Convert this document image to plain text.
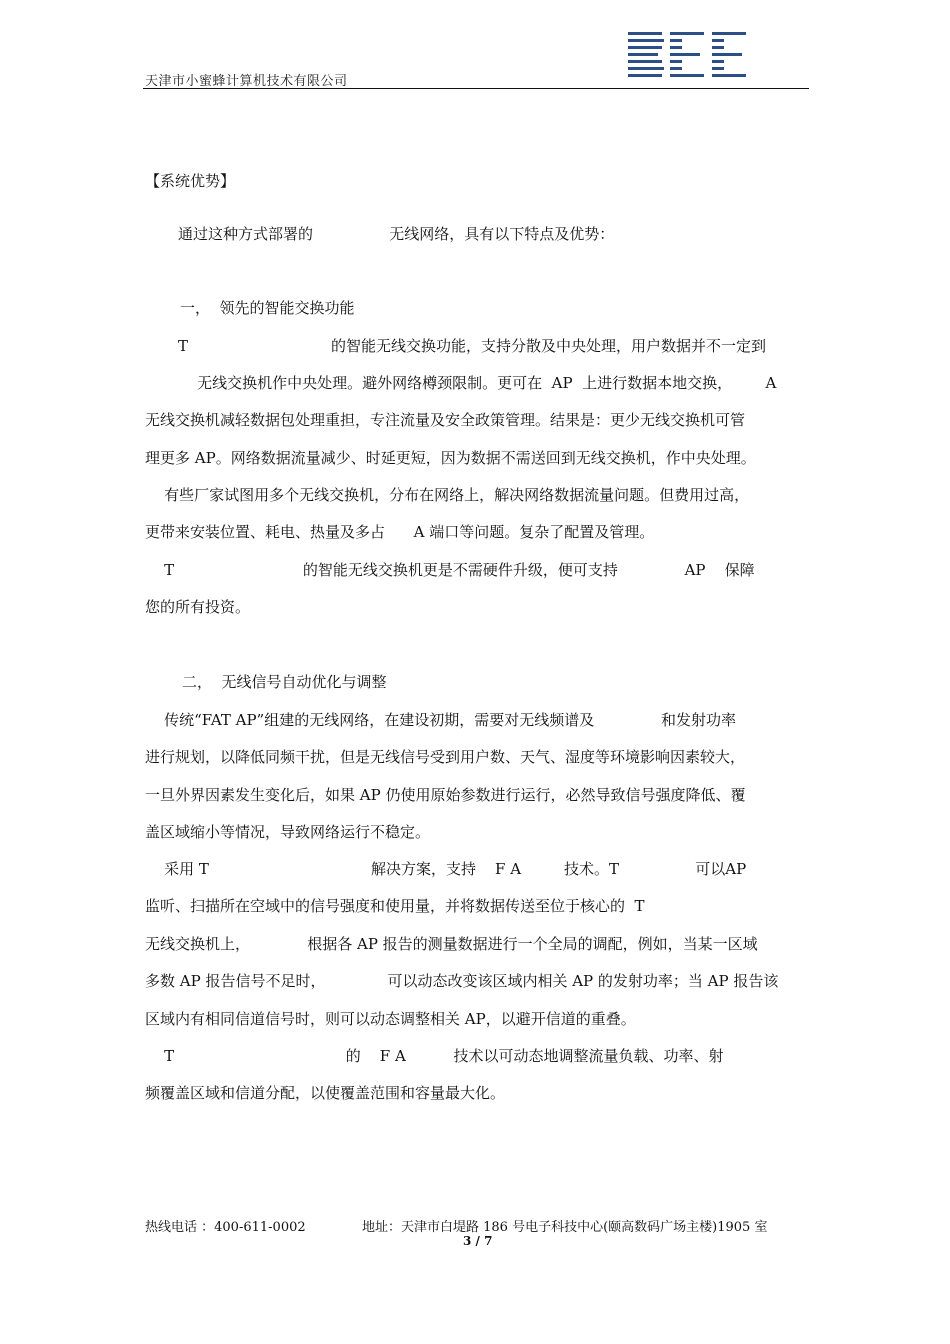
天津市小蜜蜂计算机技术有限公司
【系统优势】
通过这种方式部署的                无线网络，具有以下特点及优势：
一，  领先的智能交换功能
T                              的智能无线交换功能，支持分散及中央处理，用户数据并不一定到
无线交换机作中央处理。避外网络樽颈限制。更可在  AP  上进行数据本地交换，       A
无线交换机减轻数据包处理重担，专注流量及安全政策管理。结果是：更少无线交换机可管
理更多 AP。网络数据流量减少、时延更短，因为数据不需送回到无线交换机，作中央处理。
有些厂家试图用多个无线交换机，分布在网络上，解决网络数据流量问题。但费用过高，
更带来安装位置、耗电、热量及多占      A 端口等问题。复杂了配置及管理。
T                           的智能无线交换机更是不需硬件升级，便可支持              AP    保障
您的所有投资。
二，  无线信号自动优化与调整
传统“FAT AP”组建的无线网络，在建设初期，需要对无线频谱及              和发射功率
进行规划，以降低同频干扰，但是无线信号受到用户数、天气、湿度等环境影响因素较大，
一旦外界因素发生变化后，如果 AP 仍使用原始参数进行运行，必然导致信号强度降低、覆
盖区域缩小等情况，导致网络运行不稳定。
采用 T                                  解决方案，支持    F A         技术。T                可以AP
监听、扫描所在空域中的信号强度和使用量，并将数据传送至位于核心的  T
无线交换机上，            根据各 AP 报告的测量数据进行一个全局的调配，例如，当某一区域
多数 AP 报告信号不足时，             可以动态改变该区域内相关 AP 的发射功率；当 AP 报告该
区域内有相同信道信号时，则可以动态调整相关 AP，以避开信道的重叠。
T                                    的    F A          技术以可动态地调整流量负载、功率、射
频覆盖区域和信道分配，以使覆盖范围和容量最大化。
热线电话 ：400-611-0002	地址：天津市白堤路 186 号电子科技中心(颐高数码广场主楼)1905 室
3 / 7
